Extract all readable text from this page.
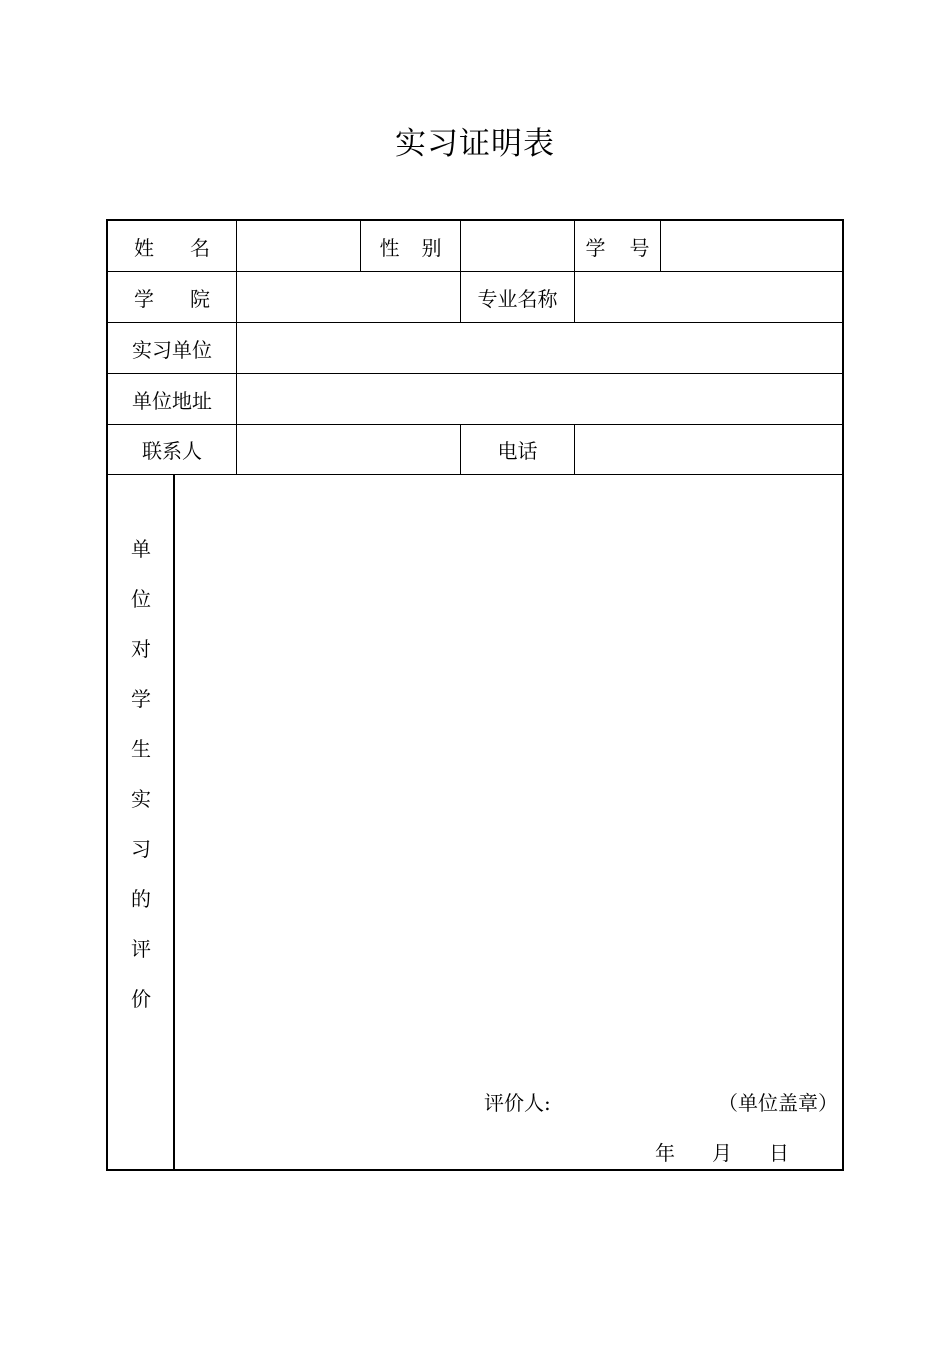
实习证明表
姓 名	性 别	学 号
学 院	专业名称
实习单位
单位地址
联系人	电话
单
位
对
学
生
实
习
的
评
价
评价人:	（单位盖章）
年 月 日
